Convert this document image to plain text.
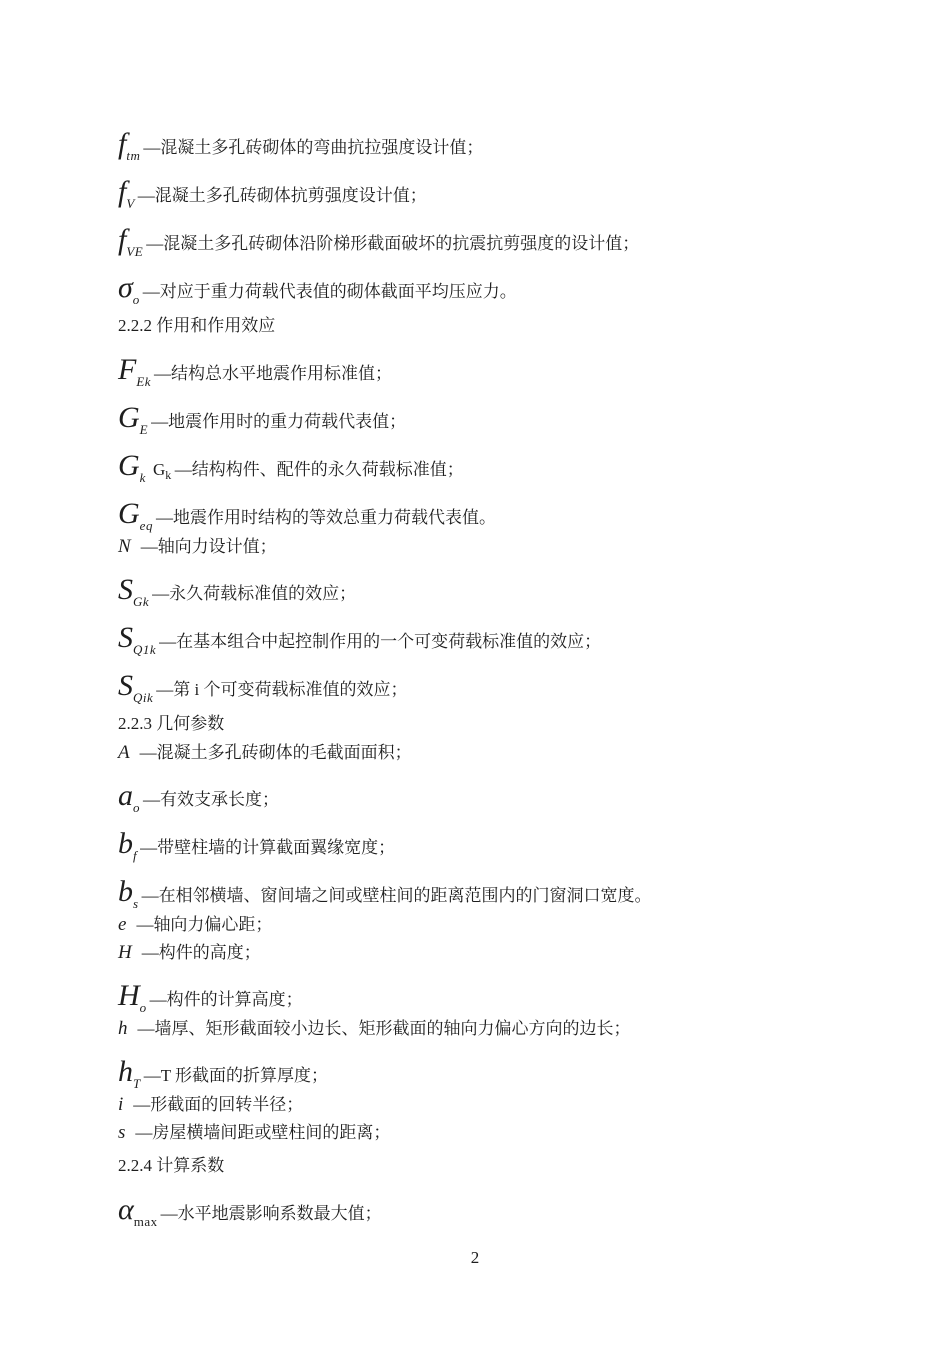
$f_{tm}$ —混凝土多孔砖砌体的弯曲抗拉强度设计值；
$f_V$ —混凝土多孔砖砌体抗剪强度设计值；
$f_{VE}$ —混凝土多孔砖砌体沿阶梯形截面破坏的抗震抗剪强度的设计值；
$\sigma_o$ —对应于重力荷载代表值的砌体截面平均压应力。
2.2.2 作用和作用效应
$F_{Ek}$ —结构总水平地震作用标准值；
$G_E$ —地震作用时的重力荷载代表值；
$G_k$ $G_k$ —结构构件、配件的永久荷载标准值；
$G_{eq}$ —地震作用时结构的等效总重力荷载代表值。
N —轴向力设计值；
$S_{Gk}$ —永久荷载标准值的效应；
$S_{Q1k}$ —在基本组合中起控制作用的一个可变荷载标准值的效应；
$S_{Qik}$ —第 i 个可变荷载标准值的效应；
2.2.3 几何参数
A —混凝土多孔砖砌体的毛截面面积；
$a_o$ —有效支承长度；
$b_f$ —带壁柱墙的计算截面翼缘宽度；
$b_s$ —在相邻横墙、窗间墙之间或壁柱间的距离范围内的门窗洞口宽度。
e —轴向力偏心距；
H —构件的高度；
$H_o$ —构件的计算高度；
h —墙厚、矩形截面较小边长、矩形截面的轴向力偏心方向的边长；
$h_T$ —T 形截面的折算厚度；
i —形截面的回转半径；
s —房屋横墙间距或壁柱间的距离；
2.2.4 计算系数
$\alpha_{max}$ —水平地震影响系数最大值；
2
